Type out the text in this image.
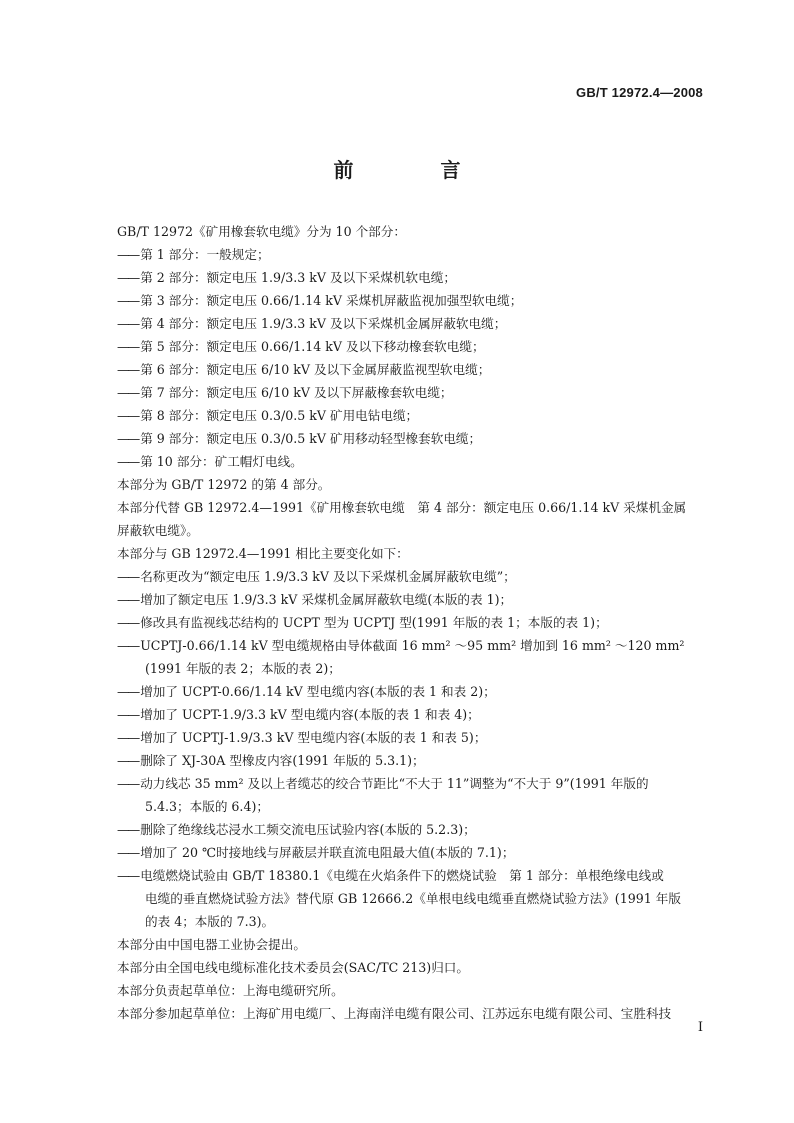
GB/T 12972.4—2008
前 言
GB/T 12972《矿用橡套软电缆》分为 10 个部分：
—— 第 1 部分：一般规定；
—— 第 2 部分：额定电压 1.9/3.3 kV 及以下采煤机软电缆；
—— 第 3 部分：额定电压 0.66/1.14 kV 采煤机屏蔽监视加强型软电缆；
—— 第 4 部分：额定电压 1.9/3.3 kV 及以下采煤机金属屏蔽软电缆；
—— 第 5 部分：额定电压 0.66/1.14 kV 及以下移动橡套软电缆；
—— 第 6 部分：额定电压 6/10 kV 及以下金属屏蔽监视型软电缆；
—— 第 7 部分：额定电压 6/10 kV 及以下屏蔽橡套软电缆；
—— 第 8 部分：额定电压 0.3/0.5 kV 矿用电钻电缆；
—— 第 9 部分：额定电压 0.3/0.5 kV 矿用移动轻型橡套软电缆；
—— 第 10 部分：矿工帽灯电线。
本部分为 GB/T 12972 的第 4 部分。
本部分代替 GB 12972.4—1991《矿用橡套软电缆　第 4 部分：额定电压 0.66/1.14 kV 采煤机金属
屏蔽软电缆》。
本部分与 GB 12972.4—1991 相比主要变化如下：
—— 名称更改为“额定电压 1.9/3.3 kV 及以下采煤机金属屏蔽软电缆”；
—— 增加了额定电压 1.9/3.3 kV 采煤机金属屏蔽软电缆(本版的表 1)；
—— 修改具有监视线芯结构的 UCPT 型为 UCPTJ 型(1991 年版的表 1；本版的表 1)；
—— UCPTJ-0.66/1.14 kV 型电缆规格由导体截面 16 mm² ～95 mm² 增加到 16 mm² ～120 mm²
(1991 年版的表 2；本版的表 2)；
—— 增加了 UCPT-0.66/1.14 kV 型电缆内容(本版的表 1 和表 2)；
—— 增加了 UCPT-1.9/3.3 kV 型电缆内容(本版的表 1 和表 4)；
—— 增加了 UCPTJ-1.9/3.3 kV 型电缆内容(本版的表 1 和表 5)；
—— 删除了 XJ-30A 型橡皮内容(1991 年版的 5.3.1)；
—— 动力线芯 35 mm² 及以上者缆芯的绞合节距比“不大于 11”调整为“不大于 9”(1991 年版的
5.4.3；本版的 6.4)；
—— 删除了绝缘线芯浸水工频交流电压试验内容(本版的 5.2.3)；
—— 增加了 20 ℃时接地线与屏蔽层并联直流电阻最大值(本版的 7.1)；
—— 电缆燃烧试验由 GB/T 18380.1《电缆在火焰条件下的燃烧试验　第 1 部分：单根绝缘电线或
电缆的垂直燃烧试验方法》替代原 GB 12666.2《单根电线电缆垂直燃烧试验方法》(1991 年版
的表 4；本版的 7.3)。
本部分由中国电器工业协会提出。
本部分由全国电线电缆标准化技术委员会(SAC/TC 213)归口。
本部分负责起草单位：上海电缆研究所。
本部分参加起草单位：上海矿用电缆厂、上海南洋电缆有限公司、江苏远东电缆有限公司、宝胜科技
I
